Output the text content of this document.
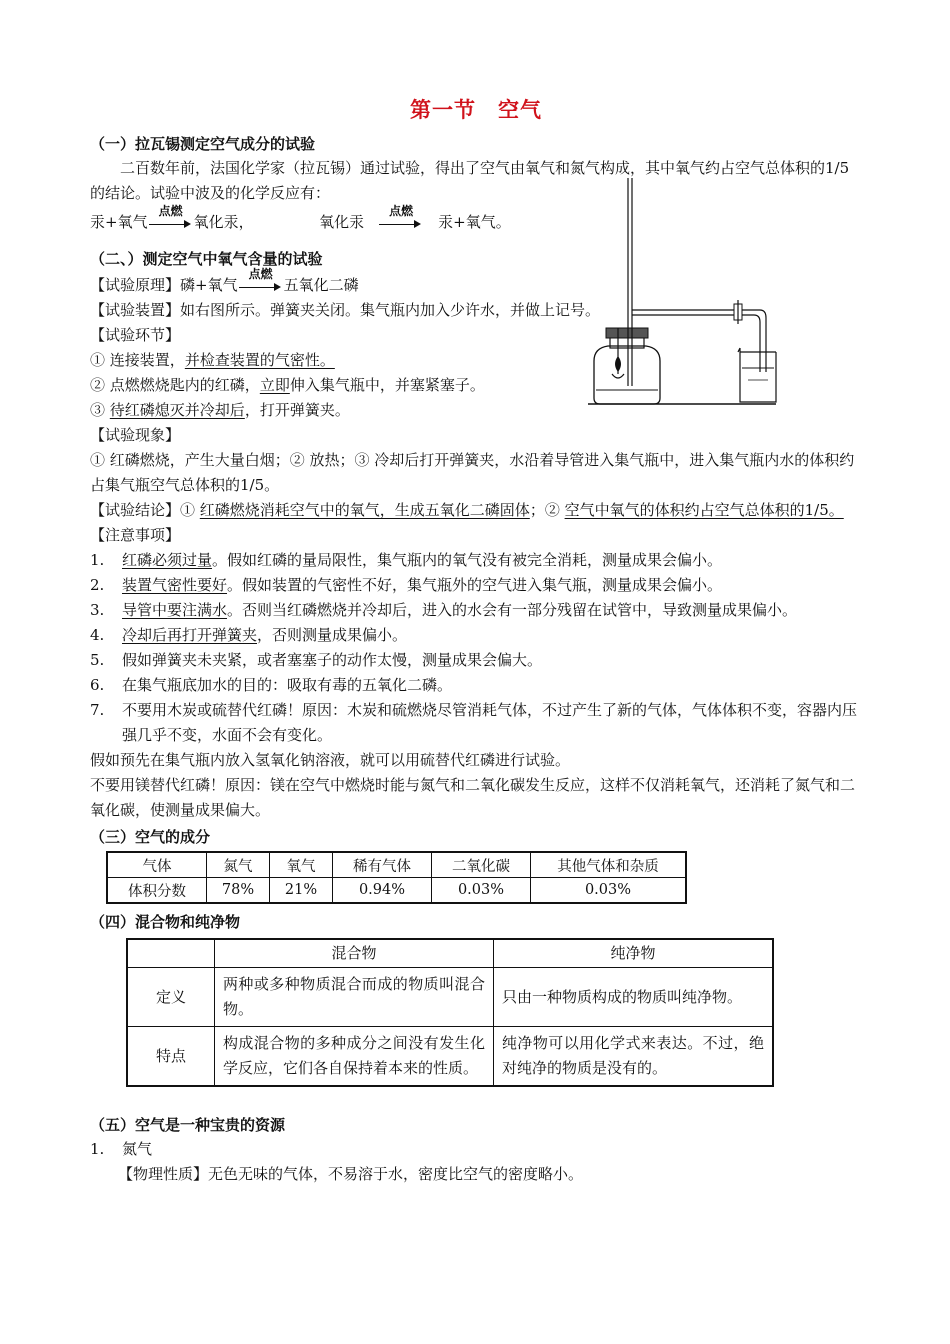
第一节 空气
（一）拉瓦锡测定空气成分的试验

二百数年前，法国化学家（拉瓦锡）通过试验，得出了空气由氧气和氮气构成，其中氧气约占空气总体积的1/5的结论。试验中波及的化学反应有：

汞+氧气
点燃
氧化汞，	氧化汞
点燃
汞+氧气。

（二、）测定空气中氧气含量的试验

【试验原理】磷+氧气
点燃
五氧化二磷

【试验装置】如右图所示。弹簧夹关闭。集气瓶内加入少许水，并做上记号。

【试验环节】

① 连接装置，并检查装置的气密性。

② 点燃燃烧匙内的红磷，立即伸入集气瓶中，并塞紧塞子。

③ 待红磷熄灭并冷却后，打开弹簧夹。

【试验现象】

① 红磷燃烧，产生大量白烟；② 放热；③ 冷却后打开弹簧夹，水沿着导管进入集气瓶中，进入集气瓶内水的体积约占集气瓶空气总体积的1/5。

【试验结论】① 红磷燃烧消耗空气中的氧气，生成五氧化二磷固体；② 空气中氧气的体积约占空气总体积的1/5。

【注意事项】

1.	红磷必须过量。假如红磷的量局限性，集气瓶内的氧气没有被完全消耗，测量成果会偏小。
2.	装置气密性要好。假如装置的气密性不好，集气瓶外的空气进入集气瓶，测量成果会偏小。
3.	导管中要注满水。否则当红磷燃烧并冷却后，进入的水会有一部分残留在试管中，导致测量成果偏小。
4.	冷却后再打开弹簧夹，否则测量成果偏小。
5.	假如弹簧夹未夹紧，或者塞塞子的动作太慢，测量成果会偏大。
6.	在集气瓶底加水的目的：吸取有毒的五氧化二磷。
7.	不要用木炭或硫替代红磷！原因：木炭和硫燃烧尽管消耗气体，不过产生了新的气体，气体体积不变，容器内压强几乎不变，水面不会有变化。

假如预先在集气瓶内放入氢氧化钠溶液，就可以用硫替代红磷进行试验。

不要用镁替代红磷！原因：镁在空气中燃烧时能与氮气和二氧化碳发生反应，这样不仅消耗氧气，还消耗了氮气和二氧化碳，使测量成果偏大。

（三）空气的成分
气体	氮气	氧气	稀有气体	二氧化碳	其他气体和杂质
体积分数	78%	21%	0.94%	0.03%	0.03%
（四）混合物和纯净物
	混合物	纯净物
定义	两种或多种物质混合而成的物质叫混合物。	只由一种物质构成的物质叫纯净物。
特点	构成混合物的多种成分之间没有发生化学反应，它们各自保持着本来的性质。	纯净物可以用化学式来表达。不过，绝对纯净的物质是没有的。
（五）空气是一种宝贵的资源
1.	氮气

【物理性质】无色无味的气体，不易溶于水，密度比空气的密度略小。
